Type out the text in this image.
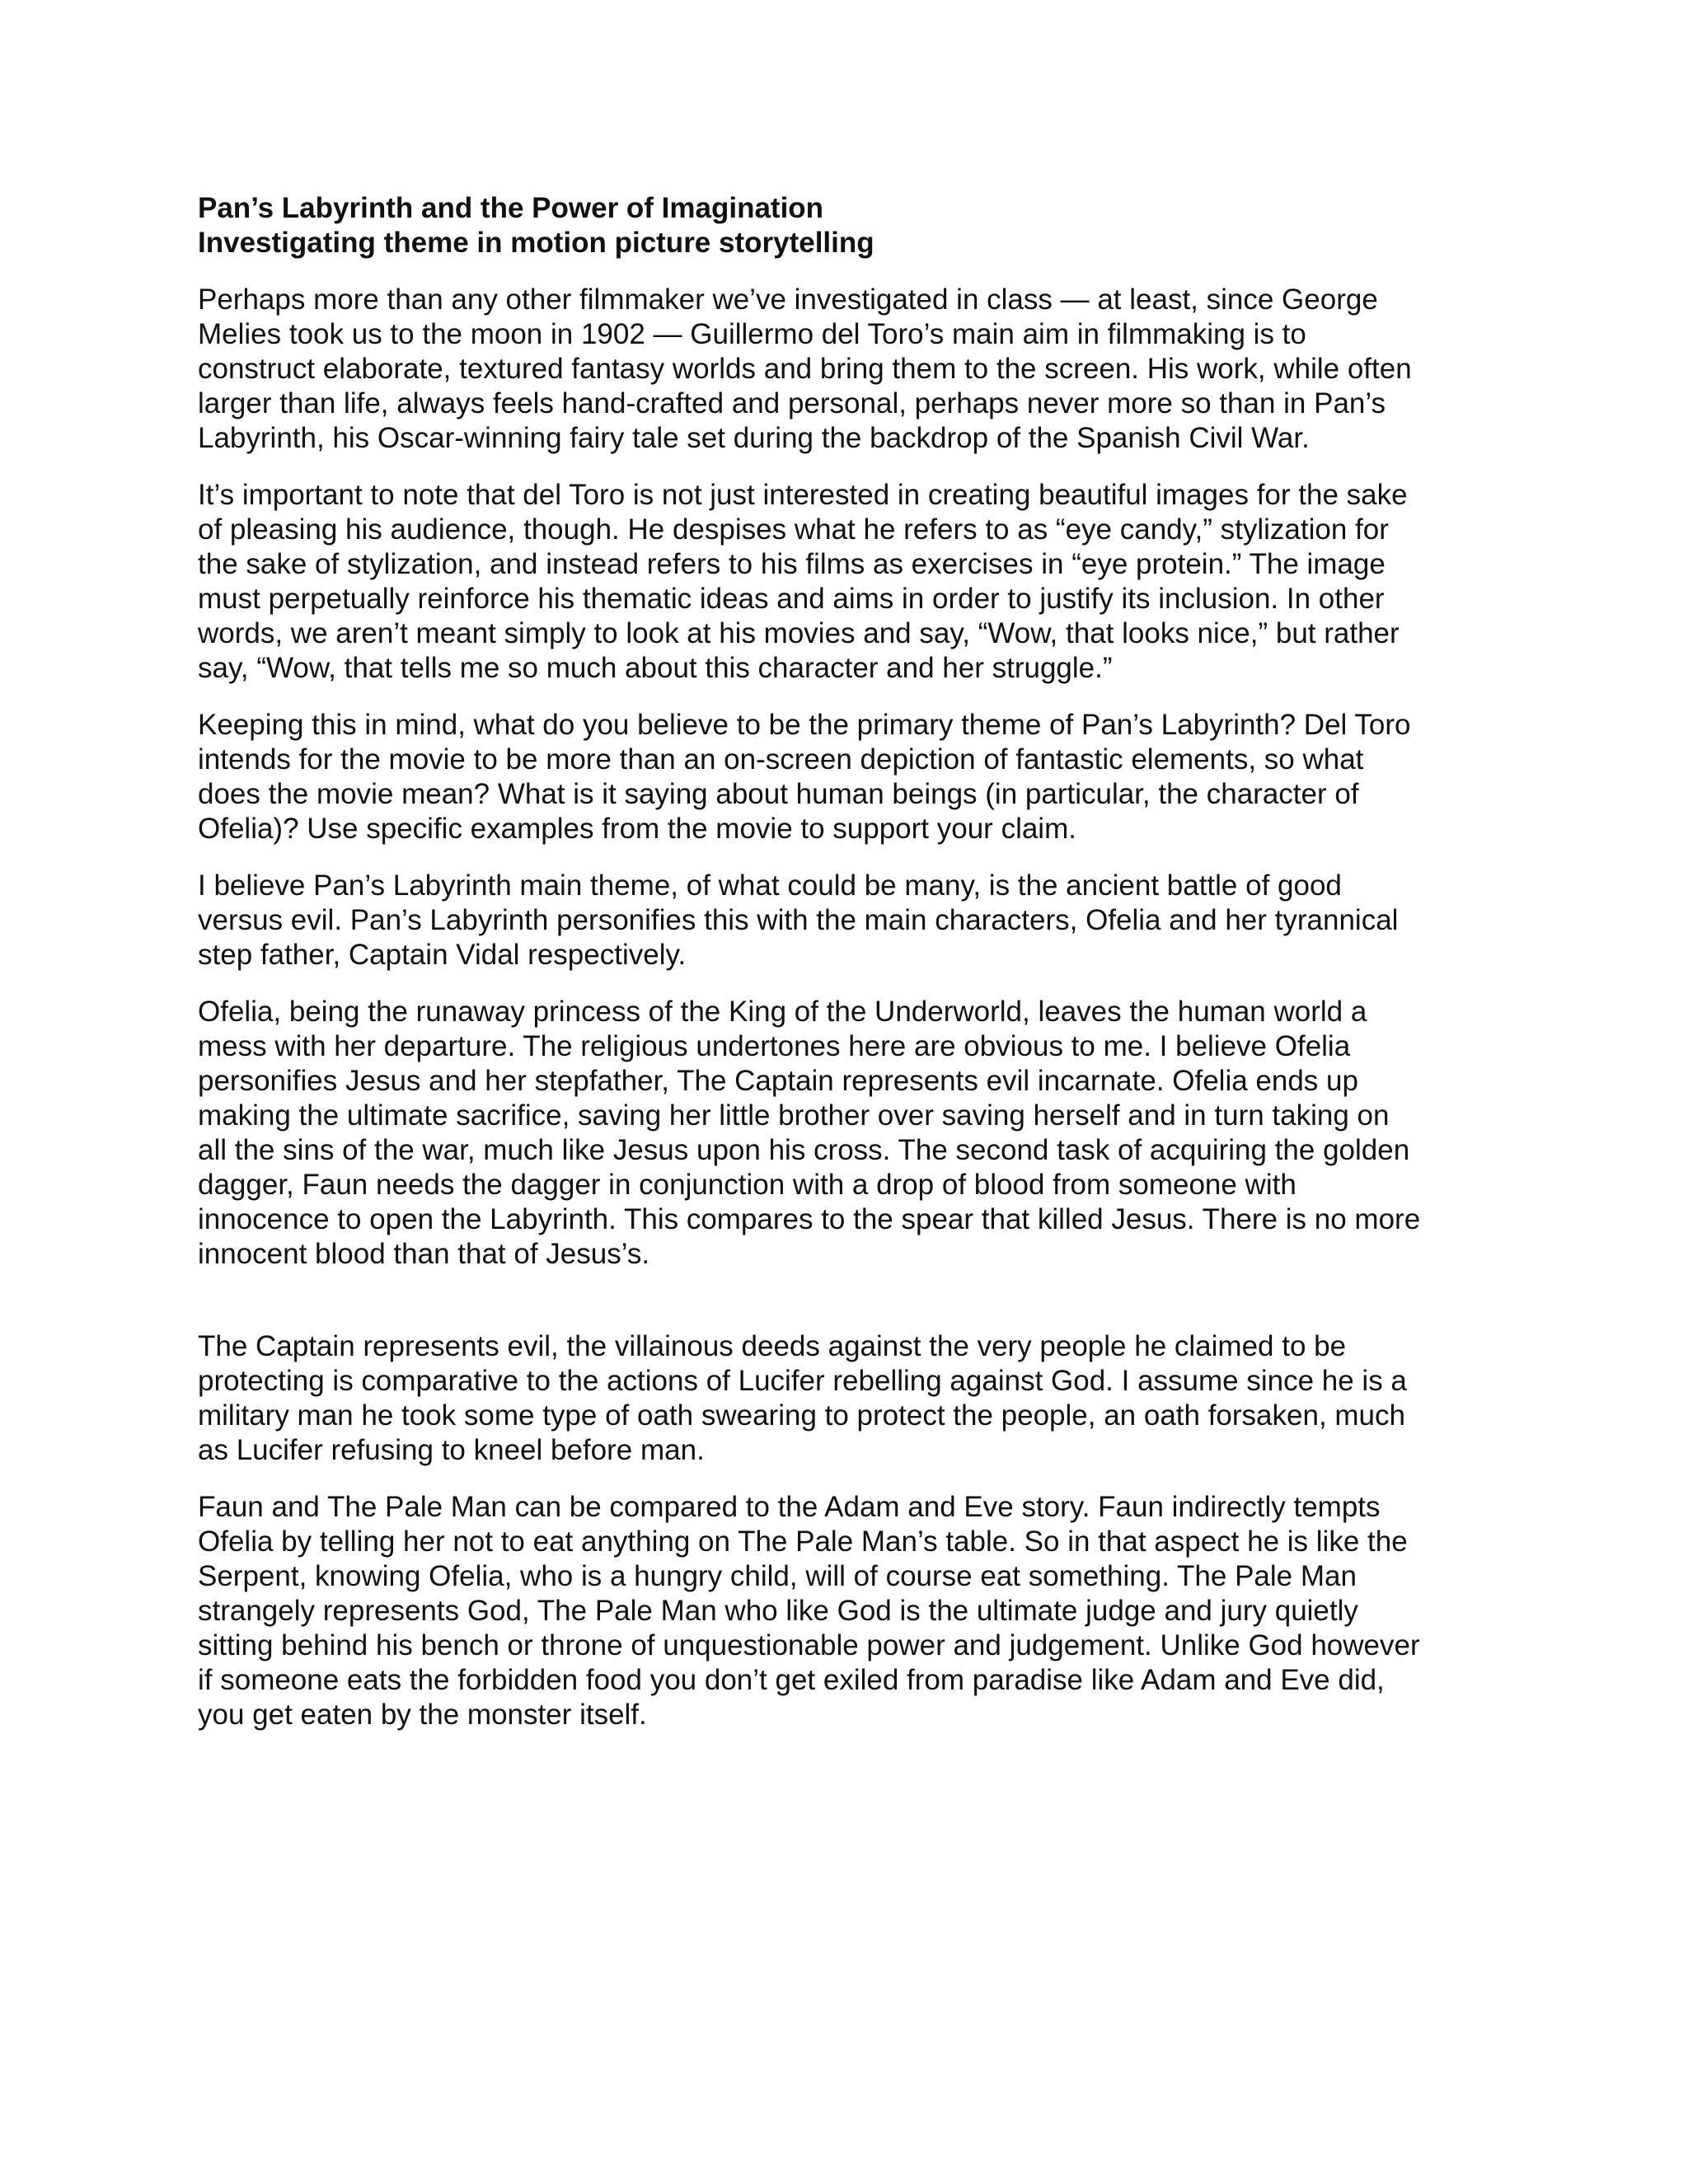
Pan’s Labyrinth and the Power of Imagination
Investigating theme in motion picture storytelling
Perhaps more than any other filmmaker we’ve investigated in class — at least, since George
Melies took us to the moon in 1902 — Guillermo del Toro’s main aim in filmmaking is to
construct elaborate, textured fantasy worlds and bring them to the screen. His work, while often
larger than life, always feels hand-crafted and personal, perhaps never more so than in Pan’s
Labyrinth, his Oscar-winning fairy tale set during the backdrop of the Spanish Civil War.
It’s important to note that del Toro is not just interested in creating beautiful images for the sake
of pleasing his audience, though. He despises what he refers to as “eye candy,” stylization for
the sake of stylization, and instead refers to his films as exercises in “eye protein.” The image
must perpetually reinforce his thematic ideas and aims in order to justify its inclusion. In other
words, we aren’t meant simply to look at his movies and say, “Wow, that looks nice,” but rather
say, “Wow, that tells me so much about this character and her struggle.”
Keeping this in mind, what do you believe to be the primary theme of Pan’s Labyrinth? Del Toro
intends for the movie to be more than an on-screen depiction of fantastic elements, so what
does the movie mean? What is it saying about human beings (in particular, the character of
Ofelia)? Use specific examples from the movie to support your claim.
I believe Pan’s Labyrinth main theme, of what could be many, is the ancient battle of good
versus evil. Pan’s Labyrinth personifies this with the main characters, Ofelia and her tyrannical
step father, Captain Vidal respectively.
Ofelia, being the runaway princess of the King of the Underworld, leaves the human world a
mess with her departure. The religious undertones here are obvious to me. I believe Ofelia
personifies Jesus and her stepfather, The Captain represents evil incarnate. Ofelia ends up
making the ultimate sacrifice, saving her little brother over saving herself and in turn taking on
all the sins of the war, much like Jesus upon his cross. The second task of acquiring the golden
dagger, Faun needs the dagger in conjunction with a drop of blood from someone with
innocence to open the Labyrinth. This compares to the spear that killed Jesus. There is no more
innocent blood than that of Jesus’s.
The Captain represents evil, the villainous deeds against the very people he claimed to be
protecting is comparative to the actions of Lucifer rebelling against God. I assume since he is a
military man he took some type of oath swearing to protect the people, an oath forsaken, much
as Lucifer refusing to kneel before man.
Faun and The Pale Man can be compared to the Adam and Eve story. Faun indirectly tempts
Ofelia by telling her not to eat anything on The Pale Man’s table. So in that aspect he is like the
Serpent, knowing Ofelia, who is a hungry child, will of course eat something. The Pale Man
strangely represents God, The Pale Man who like God is the ultimate judge and jury quietly
sitting behind his bench or throne of unquestionable power and judgement. Unlike God however
if someone eats the forbidden food you don’t get exiled from paradise like Adam and Eve did,
you get eaten by the monster itself.
